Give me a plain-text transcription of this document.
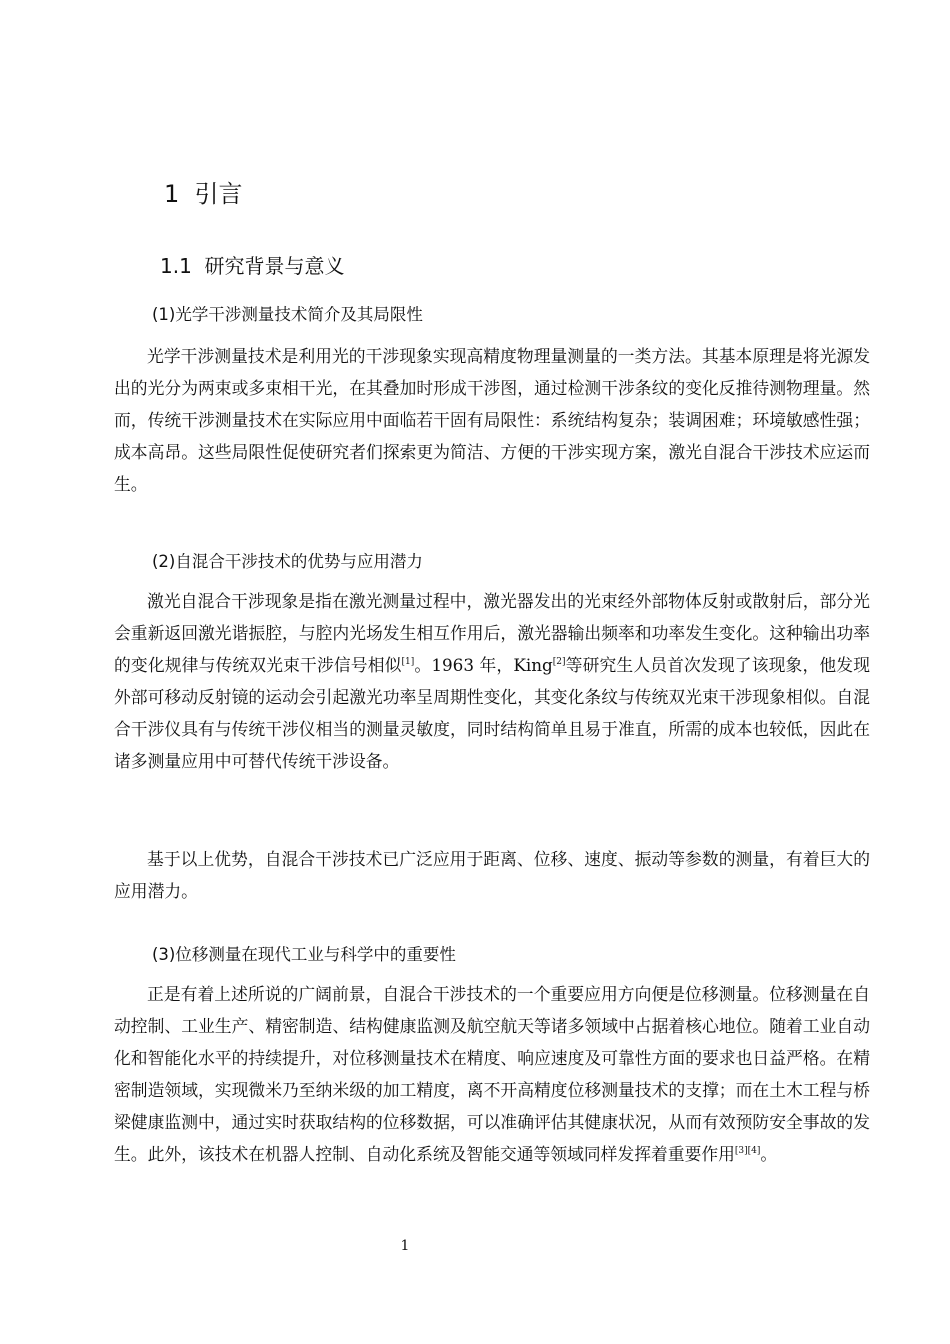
1 引言
1.1 研究背景与意义
(1)光学干涉测量技术简介及其局限性

光学干涉测量技术是利用光的干涉现象实现高精度物理量测量的一类方法。其基本原理是将光源发出的光分为两束或多束相干光，在其叠加时形成干涉图，通过检测干涉条纹的变化反推待测物理量。然而，传统干涉测量技术在实际应用中面临若干固有局限性：系统结构复杂；装调困难；环境敏感性强；成本高昂。这些局限性促使研究者们探索更为简洁、方便的干涉实现方案，激光自混合干涉技术应运而生。

(2)自混合干涉技术的优势与应用潜力

激光自混合干涉现象是指在激光测量过程中，激光器发出的光束经外部物体反射或散射后，部分光会重新返回激光谐振腔，与腔内光场发生相互作用后，激光器输出频率和功率发生变化。这种输出功率的变化规律与传统双光束干涉信号相似[1]。1963 年，King[2]等研究生人员首次发现了该现象，他发现外部可移动反射镜的运动会引起激光功率呈周期性变化，其变化条纹与传统双光束干涉现象相似。自混合干涉仪具有与传统干涉仪相当的测量灵敏度，同时结构简单且易于准直，所需的成本也较低，因此在诸多测量应用中可替代传统干涉设备。

基于以上优势，自混合干涉技术已广泛应用于距离、位移、速度、振动等参数的测量，有着巨大的应用潜力。

(3)位移测量在现代工业与科学中的重要性

正是有着上述所说的广阔前景，自混合干涉技术的一个重要应用方向便是位移测量。位移测量在自动控制、工业生产、精密制造、结构健康监测及航空航天等诸多领域中占据着核心地位。随着工业自动化和智能化水平的持续提升，对位移测量技术在精度、响应速度及可靠性方面的要求也日益严格。在精密制造领域，实现微米乃至纳米级的加工精度，离不开高精度位移测量技术的支撑；而在土木工程与桥梁健康监测中，通过实时获取结构的位移数据，可以准确评估其健康状况，从而有效预防安全事故的发生。此外，该技术在机器人控制、自动化系统及智能交通等领域同样发挥着重要作用[3][4]。

1
